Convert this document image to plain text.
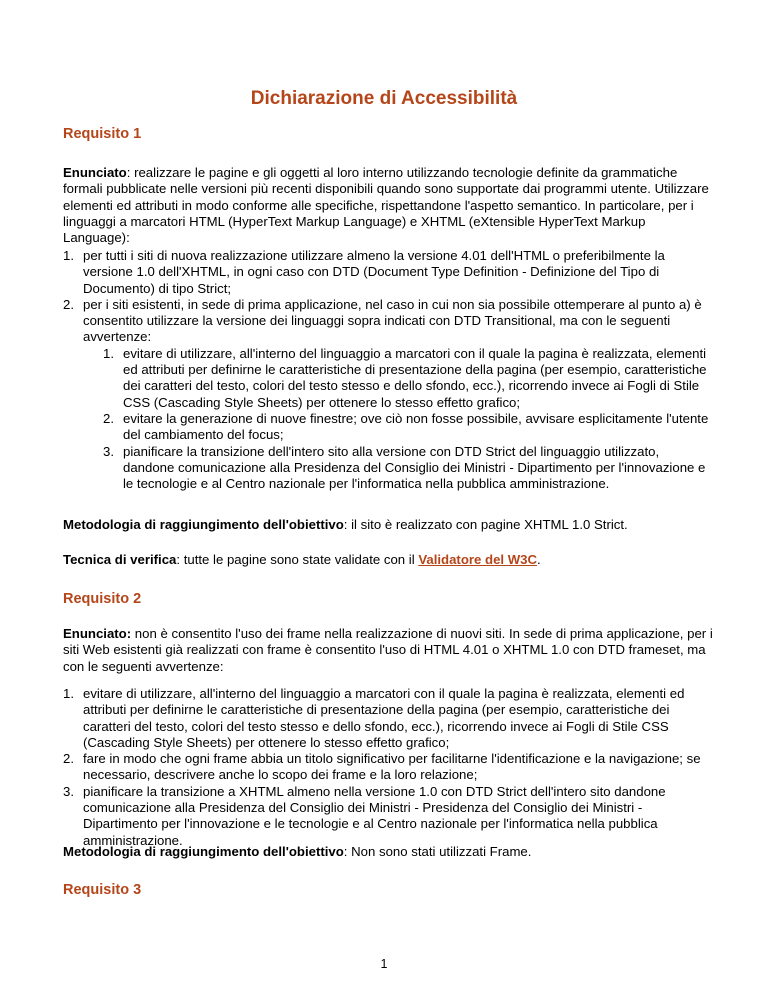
Dichiarazione di Accessibilità
Requisito 1

Enunciato: realizzare le pagine e gli oggetti al loro interno utilizzando tecnologie definite da grammatiche formali pubblicate nelle versioni più recenti disponibili quando sono supportate dai programmi utente. Utilizzare elementi ed attributi in modo conforme alle specifiche, rispettandone l'aspetto semantico. In particolare, per i linguaggi a marcatori HTML (HyperText Markup Language) e XHTML (eXtensible HyperText Markup Language):

1. per tutti i siti di nuova realizzazione utilizzare almeno la versione 4.01 dell'HTML o preferibilmente la versione 1.0 dell'XHTML, in ogni caso con DTD (Document Type Definition - Definizione del Tipo di Documento) di tipo Strict;
2. per i siti esistenti, in sede di prima applicazione, nel caso in cui non sia possibile ottemperare al punto a) è consentito utilizzare la versione dei linguaggi sopra indicati con DTD Transitional, ma con le seguenti avvertenze:
1. evitare di utilizzare, all'interno del linguaggio a marcatori con il quale la pagina è realizzata, elementi ed attributi per definirne le caratteristiche di presentazione della pagina (per esempio, caratteristiche dei caratteri del testo, colori del testo stesso e dello sfondo, ecc.), ricorrendo invece ai Fogli di Stile CSS (Cascading Style Sheets) per ottenere lo stesso effetto grafico;
2. evitare la generazione di nuove finestre; ove ciò non fosse possibile, avvisare esplicitamente l'utente del cambiamento del focus;
3. pianificare la transizione dell'intero sito alla versione con DTD Strict del linguaggio utilizzato, dandone comunicazione alla Presidenza del Consiglio dei Ministri - Dipartimento per l'innovazione e le tecnologie e al Centro nazionale per l'informatica nella pubblica amministrazione.

Metodologia di raggiungimento dell'obiettivo: il sito è realizzato con pagine XHTML 1.0 Strict.

Tecnica di verifica: tutte le pagine sono state validate con il Validatore del W3C.

Requisito 2

Enunciato: non è consentito l'uso dei frame nella realizzazione di nuovi siti. In sede di prima applicazione, per i siti Web esistenti già realizzati con frame è consentito l'uso di HTML 4.01 o XHTML 1.0 con DTD frameset, ma con le seguenti avvertenze:

1. evitare di utilizzare, all'interno del linguaggio a marcatori con il quale la pagina è realizzata, elementi ed attributi per definirne le caratteristiche di presentazione della pagina (per esempio, caratteristiche dei caratteri del testo, colori del testo stesso e dello sfondo, ecc.), ricorrendo invece ai Fogli di Stile CSS (Cascading Style Sheets) per ottenere lo stesso effetto grafico;
2. fare in modo che ogni frame abbia un titolo significativo per facilitarne l'identificazione e la navigazione; se necessario, descrivere anche lo scopo dei frame e la loro relazione;
3. pianificare la transizione a XHTML almeno nella versione 1.0 con DTD Strict dell'intero sito dandone comunicazione alla Presidenza del Consiglio dei Ministri - Presidenza del Consiglio dei Ministri - Dipartimento per l'innovazione e le tecnologie e al Centro nazionale per l'informatica nella pubblica amministrazione.

Metodologia di raggiungimento dell'obiettivo: Non sono stati utilizzati Frame.

Requisito 3
1
